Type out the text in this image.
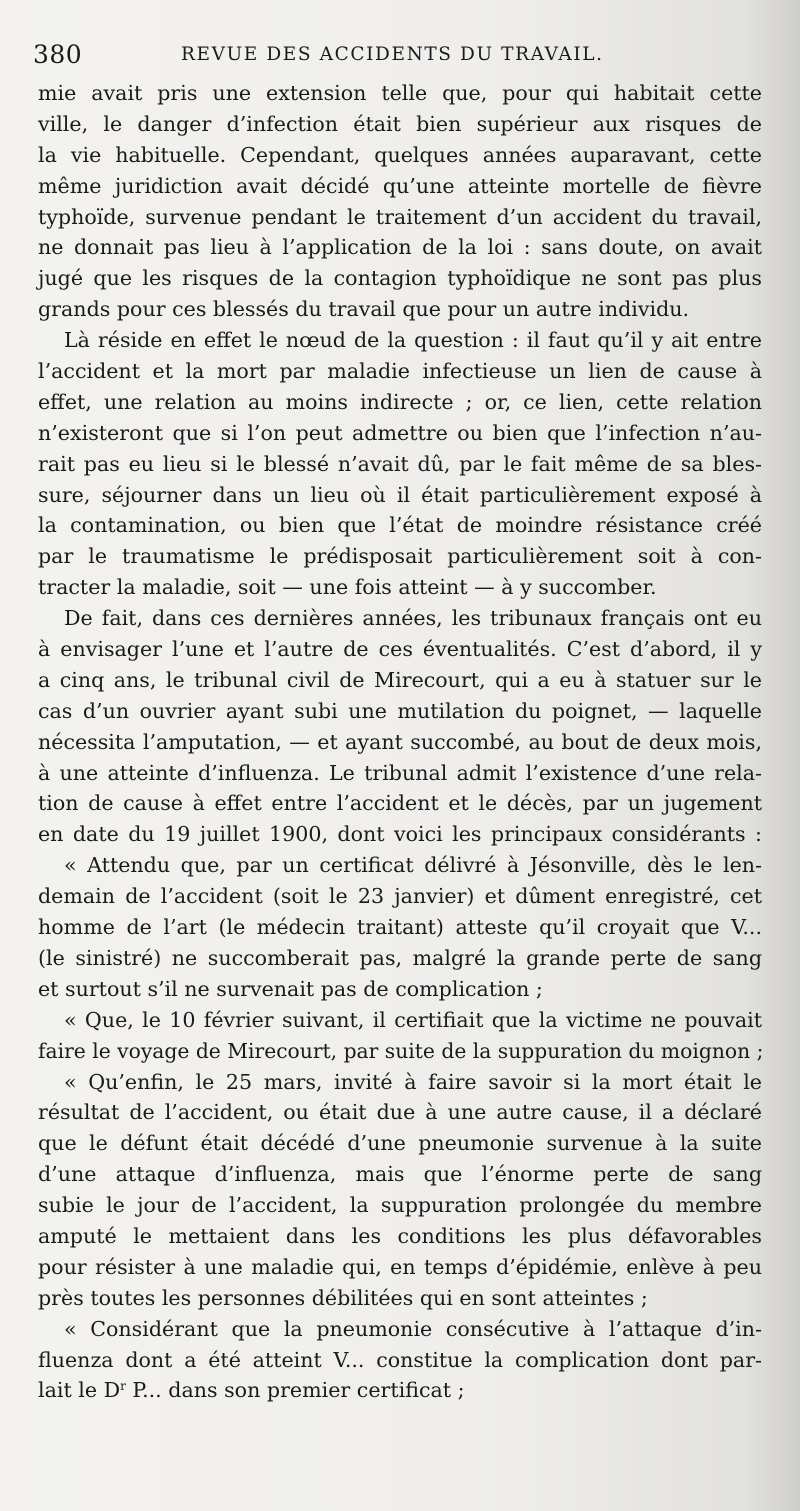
380	REVUE DES ACCIDENTS DU TRAVAIL.
mie avait pris une extension telle que, pour qui habitait cette
ville, le danger d’infection était bien supérieur aux risques de
la vie habituelle. Cependant, quelques années auparavant, cette
même juridiction avait décidé qu’une atteinte mortelle de fièvre
typhoïde, survenue pendant le traitement d’un accident du travail,
ne donnait pas lieu à l’application de la loi : sans doute, on avait
jugé que les risques de la contagion typhoïdique ne sont pas plus
grands pour ces blessés du travail que pour un autre individu.
Là réside en effet le nœud de la question : il faut qu’il y ait entre
l’accident et la mort par maladie infectieuse un lien de cause à
effet, une relation au moins indirecte ; or, ce lien, cette relation
n’existeront que si l’on peut admettre ou bien que l’infection n’au-
rait pas eu lieu si le blessé n’avait dû, par le fait même de sa bles-
sure, séjourner dans un lieu où il était particulièrement exposé à
la contamination, ou bien que l’état de moindre résistance créé
par le traumatisme le prédisposait particulièrement soit à con-
tracter la maladie, soit — une fois atteint — à y succomber.
De fait, dans ces dernières années, les tribunaux français ont eu
à envisager l’une et l’autre de ces éventualités. C’est d’abord, il y
a cinq ans, le tribunal civil de Mirecourt, qui a eu à statuer sur le
cas d’un ouvrier ayant subi une mutilation du poignet, — laquelle
nécessita l’amputation, — et ayant succombé, au bout de deux mois,
à une atteinte d’influenza. Le tribunal admit l’existence d’une rela-
tion de cause à effet entre l’accident et le décès, par un jugement
en date du 19 juillet 1900, dont voici les principaux considérants :
« Attendu que, par un certificat délivré à Jésonville, dès le len-
demain de l’accident (soit le 23 janvier) et dûment enregistré, cet
homme de l’art (le médecin traitant) atteste qu’il croyait que V...
(le sinistré) ne succomberait pas, malgré la grande perte de sang
et surtout s’il ne survenait pas de complication ;
« Que, le 10 février suivant, il certifiait que la victime ne pouvait
faire le voyage de Mirecourt, par suite de la suppuration du moignon ;
« Qu’enfin, le 25 mars, invité à faire savoir si la mort était le
résultat de l’accident, ou était due à une autre cause, il a déclaré
que le défunt était décédé d’une pneumonie survenue à la suite
d’une attaque d’influenza, mais que l’énorme perte de sang
subie le jour de l’accident, la suppuration prolongée du membre
amputé le mettaient dans les conditions les plus défavorables
pour résister à une maladie qui, en temps d’épidémie, enlève à peu
près toutes les personnes débilitées qui en sont atteintes ;
« Considérant que la pneumonie consécutive à l’attaque d’in-
fluenza dont a été atteint V... constitue la complication dont par-
lait le $D^r$ P... dans son premier certificat ;
